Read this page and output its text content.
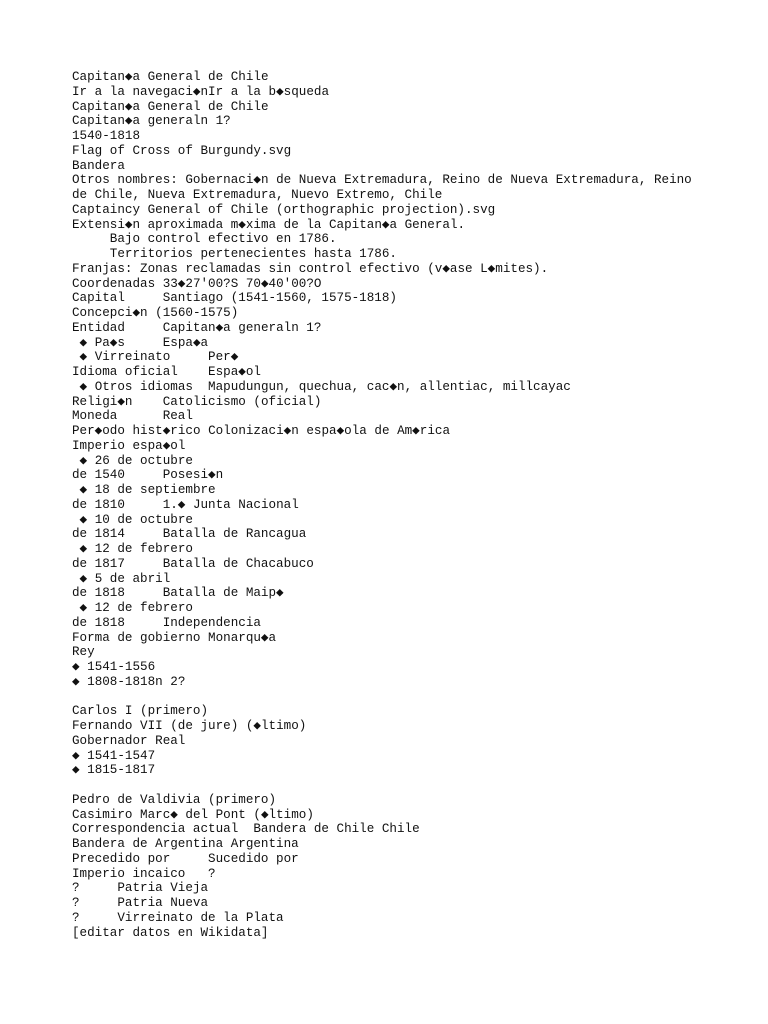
Capitan◆a General de Chile
Ir a la navegaci◆nIr a la b◆squeda
Capitan◆a General de Chile
Capitan◆a generaln 1?
1540-1818
Flag of Cross of Burgundy.svg
Bandera
Otros nombres: Gobernaci◆n de Nueva Extremadura, Reino de Nueva Extremadura, Reino
de Chile, Nueva Extremadura, Nuevo Extremo, Chile
Captaincy General of Chile (orthographic projection).svg
Extensi◆n aproximada m◆xima de la Capitan◆a General.
Bajo control efectivo en 1786.
Territorios pertenecientes hasta 1786.
Franjas: Zonas reclamadas sin control efectivo (v◆ase L◆mites).
Coordenadas 33◆27'00?S 70◆40'00?O
Capital     Santiago (1541-1560, 1575-1818)
Concepci◆n (1560-1575)
Entidad     Capitan◆a generaln 1?
◆ Pa◆s     Espa◆a
◆ Virreinato     Per◆
Idioma oficial    Espa◆ol
◆ Otros idiomas  Mapudungun, quechua, cac◆n, allentiac, millcayac
Religi◆n    Catolicismo (oficial)
Moneda      Real
Per◆odo hist◆rico Colonizaci◆n espa◆ola de Am◆rica
Imperio espa◆ol
◆ 26 de octubre
de 1540     Posesi◆n
◆ 18 de septiembre
de 1810     1.◆ Junta Nacional
◆ 10 de octubre
de 1814     Batalla de Rancagua
◆ 12 de febrero
de 1817     Batalla de Chacabuco
◆ 5 de abril
de 1818     Batalla de Maip◆
◆ 12 de febrero
de 1818     Independencia
Forma de gobierno Monarqu◆a
Rey
◆ 1541-1556
◆ 1808-1818n 2?
Carlos I (primero)
Fernando VII (de jure) (◆ltimo)
Gobernador Real
◆ 1541-1547
◆ 1815-1817
Pedro de Valdivia (primero)
Casimiro Marc◆ del Pont (◆ltimo)
Correspondencia actual  Bandera de Chile Chile
Bandera de Argentina Argentina
Precedido por     Sucedido por
Imperio incaico   ?
?     Patria Vieja
?     Patria Nueva
?     Virreinato de la Plata
[editar datos en Wikidata]
